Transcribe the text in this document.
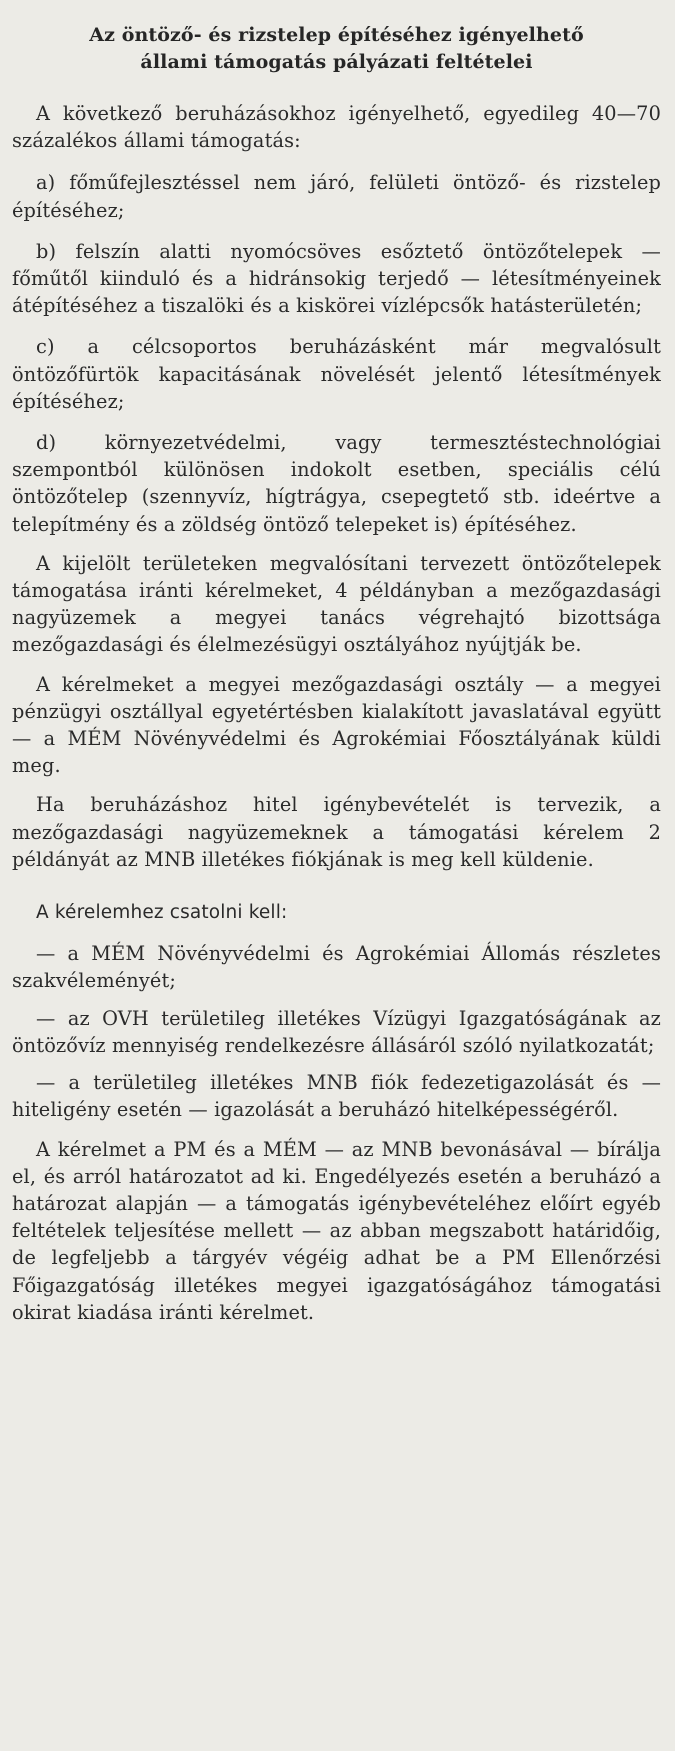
Az öntöző- és rizstelep építéséhez igényelhető
állami támogatás pályázati feltételei

A következő beruházásokhoz igényelhető, egyedileg 40—70 százalékos állami támogatás:

a) főműfejlesztéssel nem járó, felületi öntöző- és rizstelep építéséhez;

b) felszín alatti nyomócsöves esőztető öntözőtelepek — főműtől kiinduló és a hidránsokig terjedő — létesítményeinek átépítéséhez a tiszalöki és a kiskörei vízlépcsők hatásterületén;

c) a célcsoportos beruházásként már megvalósult öntözőfürtök kapacitásának növelését jelentő létesítmények építéséhez;

d) környezetvédelmi, vagy termesztéstechnológiai szempontból különösen indokolt esetben, speciális célú öntözőtelep (szennyvíz, hígtrágya, csepegtető stb. ideértve a telepítmény és a zöldség öntöző telepeket is) építéséhez.

A kijelölt területeken megvalósítani tervezett öntözőtelepek támogatása iránti kérelmeket, 4 példányban a mezőgazdasági nagyüzemek a megyei tanács végrehajtó bizottsága mezőgazdasági és élelmezésügyi osztályához nyújtják be.

A kérelmeket a megyei mezőgazdasági osztály — a megyei pénzügyi osztállyal egyetértésben kialakított javaslatával együtt — a MÉM Növényvédelmi és Agrokémiai Főosztályának küldi meg.

Ha beruházáshoz hitel igénybevételét is tervezik, a mezőgazdasági nagyüzemeknek a támogatási kérelem 2 példányát az MNB illetékes fiókjának is meg kell küldenie.

A kérelemhez csatolni kell:

— a MÉM Növényvédelmi és Agrokémiai Állomás részletes szakvéleményét;

— az OVH területileg illetékes Vízügyi Igazgatóságának az öntözővíz mennyiség rendelkezésre állásáról szóló nyilatkozatát;

— a területileg illetékes MNB fiók fedezetigazolását és — hiteligény esetén — igazolását a beruházó hitelképességéről.

A kérelmet a PM és a MÉM — az MNB bevonásával — bírálja el, és arról határozatot ad ki. Engedélyezés esetén a beruházó a határozat alapján — a támogatás igénybevételéhez előírt egyéb feltételek teljesítése mellett — az abban megszabott határidőig, de legfeljebb a tárgyév végéig adhat be a PM Ellenőrzési Főigazgatóság illetékes megyei igazgatóságához támogatási okirat kiadása iránti kérelmet.
